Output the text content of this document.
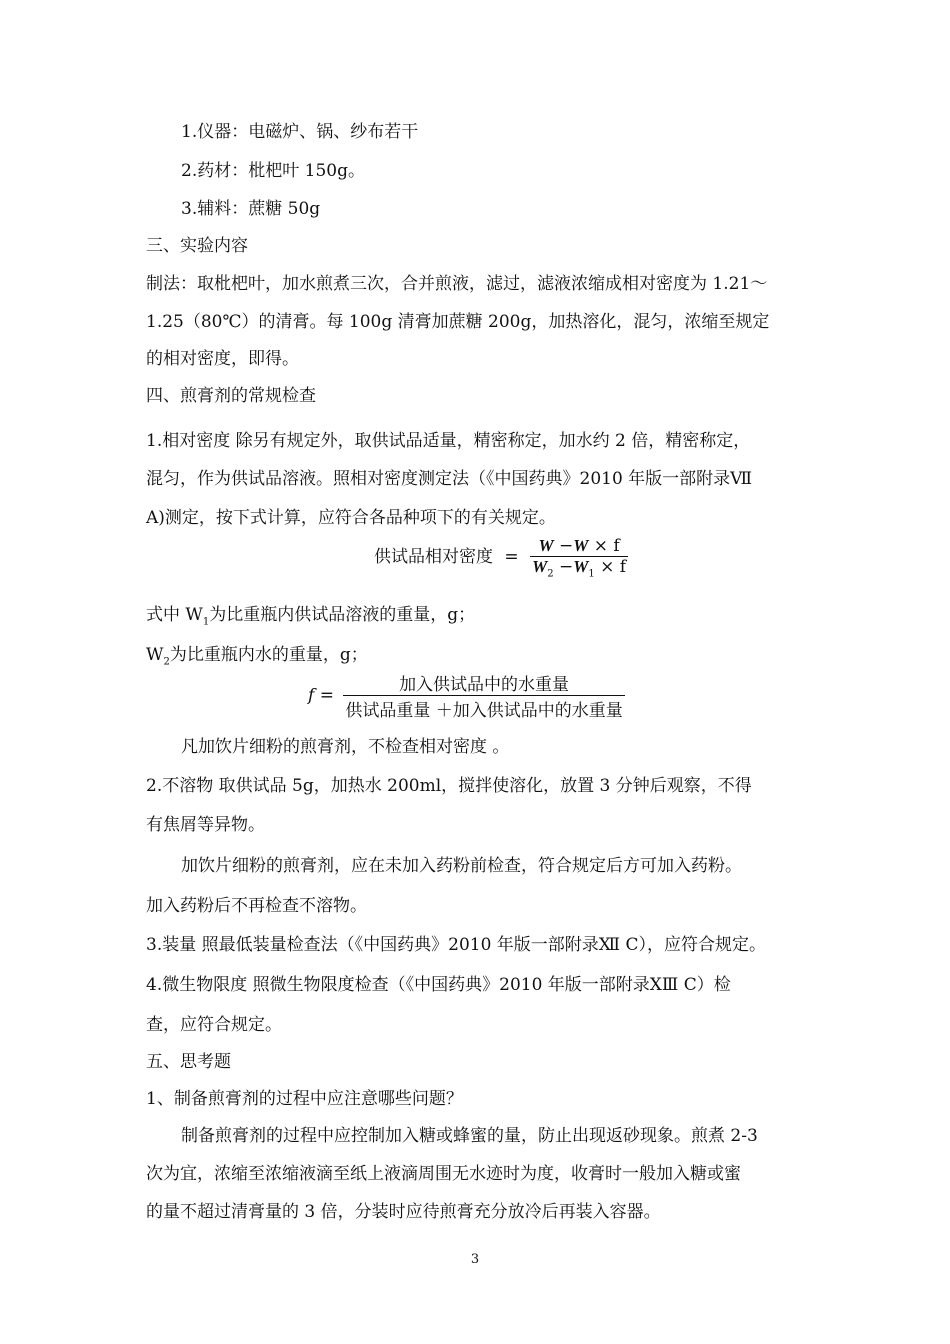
1.仪器：电磁炉、锅、纱布若干
2.药材：枇杷叶 150g。
3.辅料：蔗糖 50g
三、实验内容
制法：取枇杷叶，加水煎煮三次，合并煎液，滤过，滤液浓缩成相对密度为 1.21～
1.25（80℃）的清膏。每 100g 清膏加蔗糖 200g，加热溶化，混匀，浓缩至规定
的相对密度，即得。
四、煎膏剂的常规检查
1.相对密度 除另有规定外，取供试品适量，精密称定，加水约 2 倍，精密称定，
混匀，作为供试品溶液。照相对密度测定法（《中国药典》2010 年版一部附录Ⅶ
A)测定，按下式计算，应符合各品种项下的有关规定。
供试品相对密度 = $\frac{W -W \times f}{W_2 -W_1 \times f}$
式中 $W_1$为比重瓶内供试品溶液的重量，g；
$W_2$为比重瓶内水的重量，g；
$f = \frac{\text{加入供试品中的水重量}}{\text{供试品重量 ＋加入供试品中的水重量}}$
凡加饮片细粉的煎膏剂，不检查相对密度 。
2.不溶物 取供试品 5g，加热水 200ml，搅拌使溶化，放置 3 分钟后观察，不得
有焦屑等异物。
加饮片细粉的煎膏剂，应在未加入药粉前检查，符合规定后方可加入药粉。
加入药粉后不再检查不溶物。
3.装量 照最低装量检查法（《中国药典》2010 年版一部附录Ⅻ C），应符合规定。
4.微生物限度 照微生物限度检查（《中国药典》2010 年版一部附录ⅩⅢ C）检
查，应符合规定。
五、思考题
1、制备煎膏剂的过程中应注意哪些问题？
制备煎膏剂的过程中应控制加入糖或蜂蜜的量，防止出现返砂现象。煎煮 2-3
次为宜，浓缩至浓缩液滴至纸上液滴周围无水迹时为度，收膏时一般加入糖或蜜
的量不超过清膏量的 3 倍，分装时应待煎膏充分放冷后再装入容器。
3
